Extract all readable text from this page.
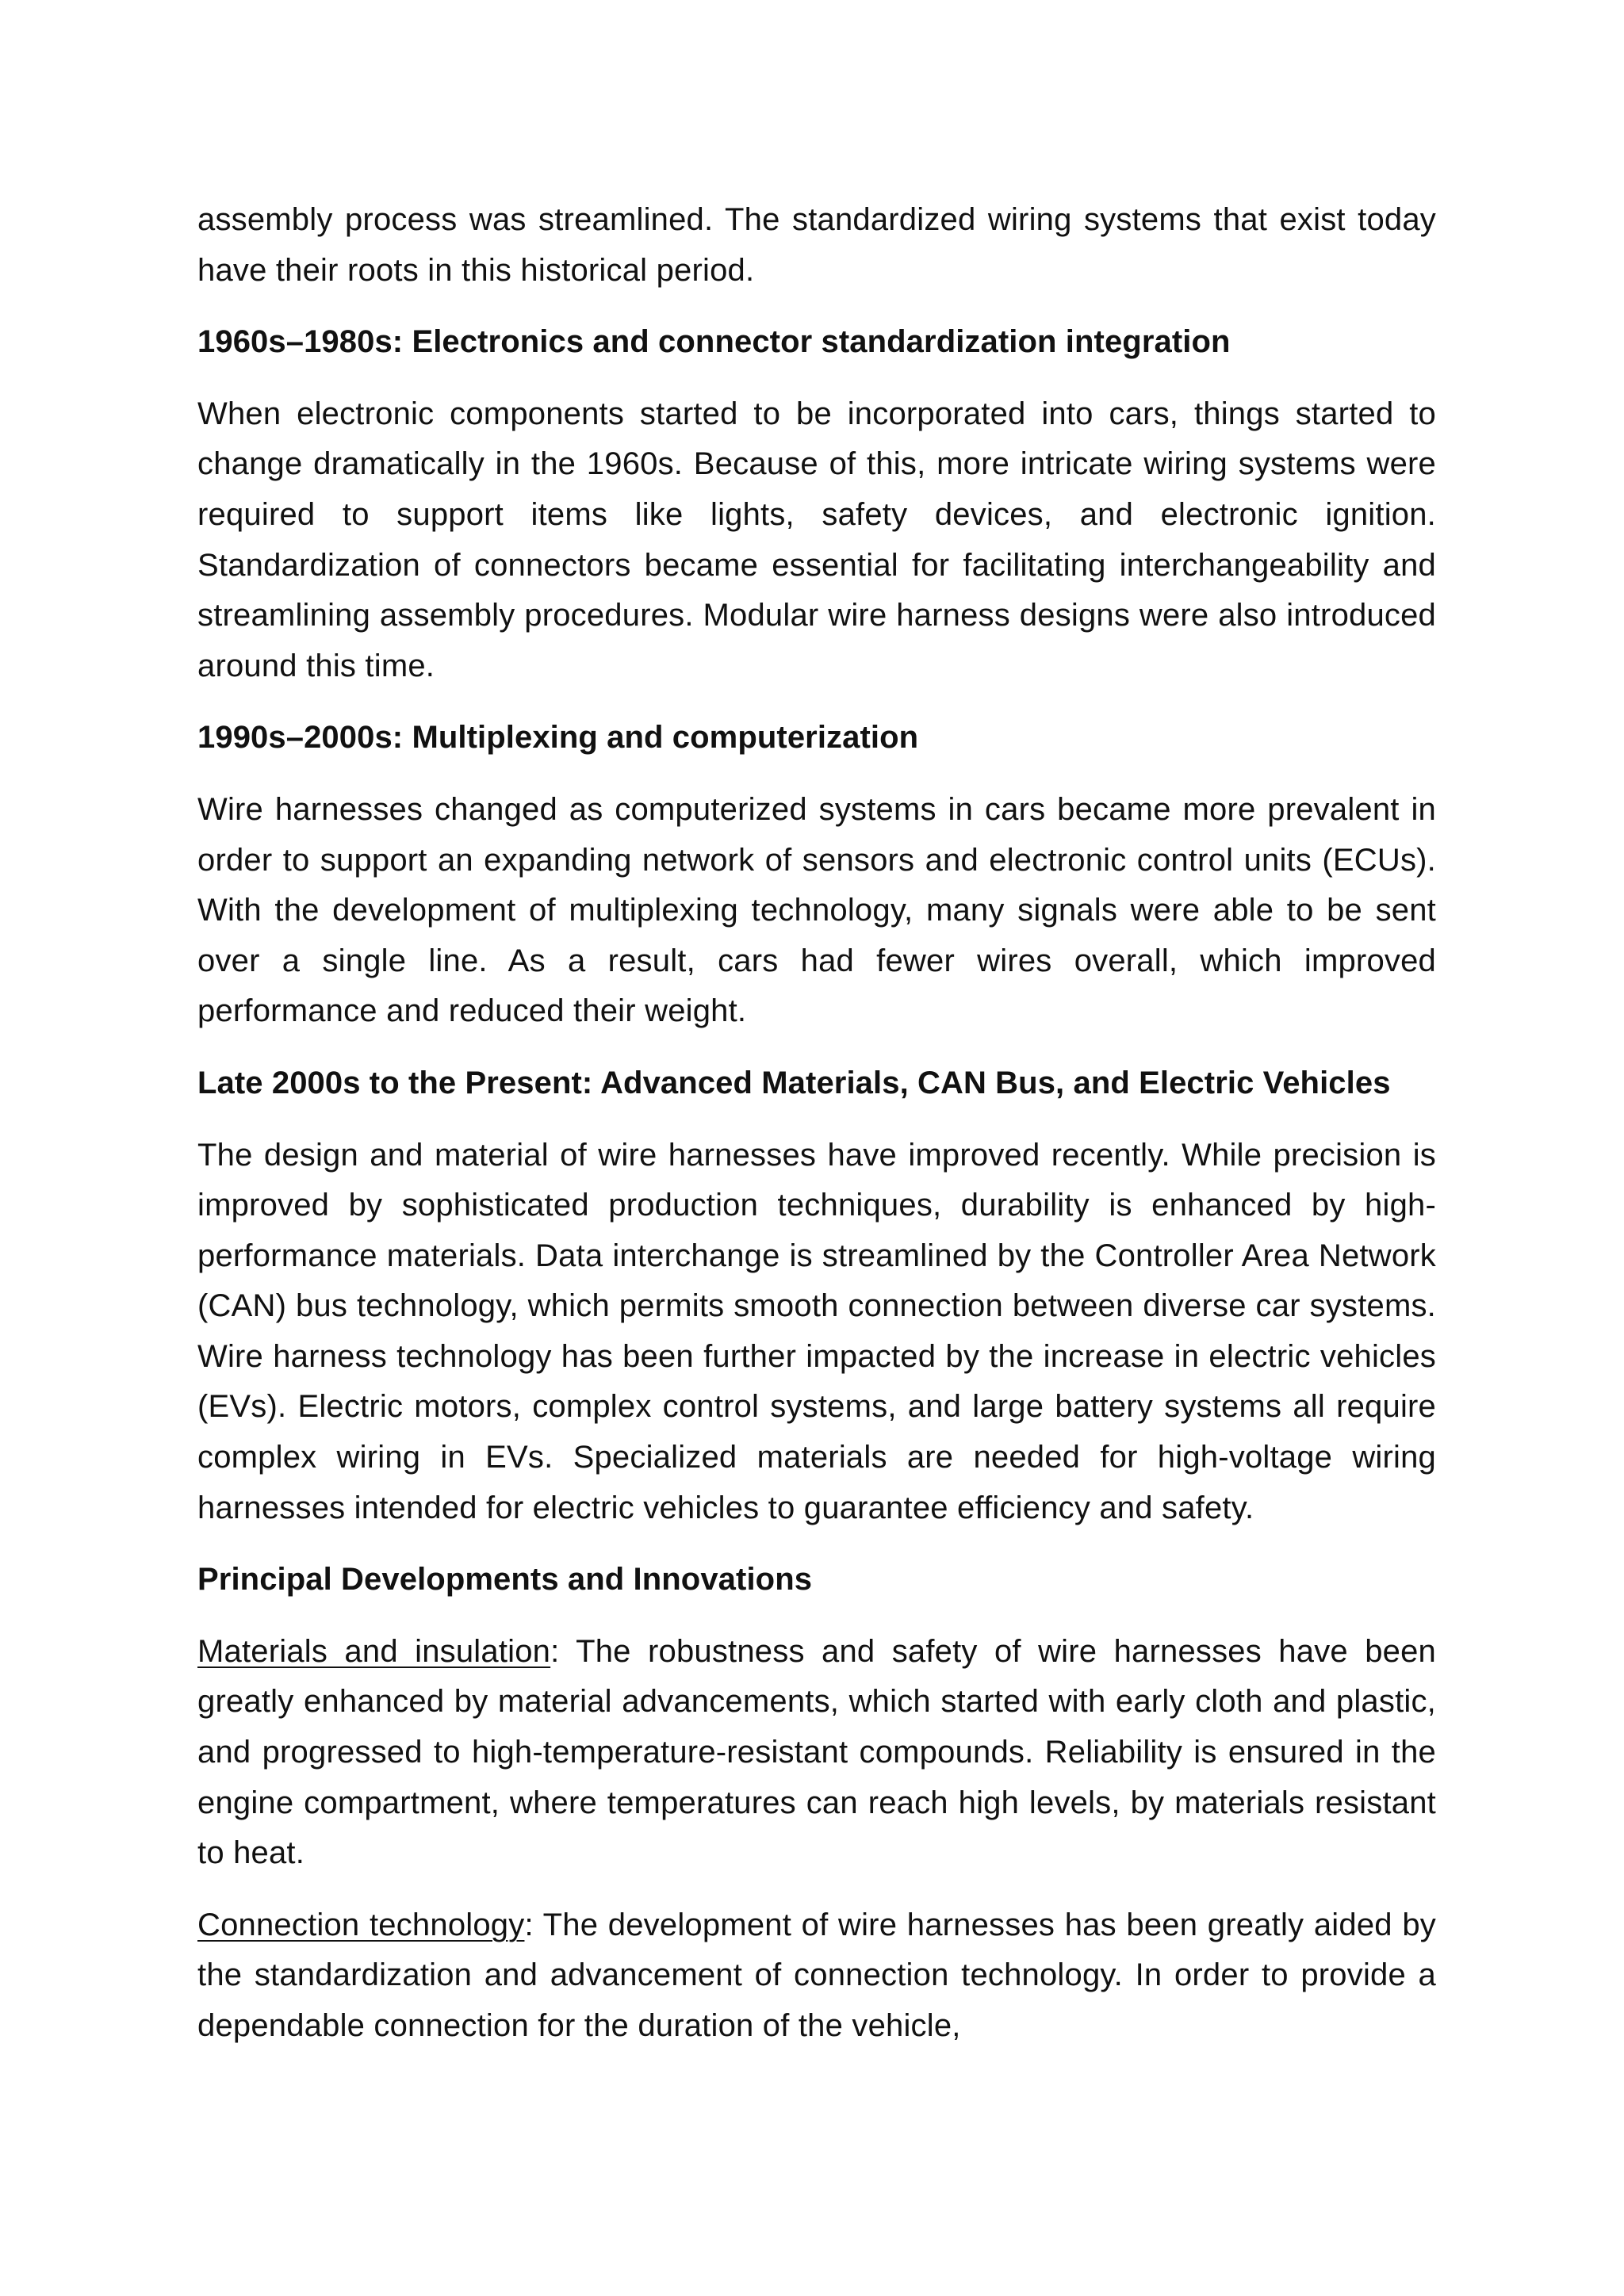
assembly process was streamlined. The standardized wiring systems that exist today have their roots in this historical period.

1960s–1980s: Electronics and connector standardization integration

When electronic components started to be incorporated into cars, things started to change dramatically in the 1960s. Because of this, more intricate wiring systems were required to support items like lights, safety devices, and electronic ignition. Standardization of connectors became essential for facilitating interchangeability and streamlining assembly procedures. Modular wire harness designs were also introduced around this time.

1990s–2000s: Multiplexing and computerization

Wire harnesses changed as computerized systems in cars became more prevalent in order to support an expanding network of sensors and electronic control units (ECUs). With the development of multiplexing technology, many signals were able to be sent over a single line. As a result, cars had fewer wires overall, which improved performance and reduced their weight.

Late 2000s to the Present: Advanced Materials, CAN Bus, and Electric Vehicles

The design and material of wire harnesses have improved recently. While precision is improved by sophisticated production techniques, durability is enhanced by high-performance materials. Data interchange is streamlined by the Controller Area Network (CAN) bus technology, which permits smooth connection between diverse car systems. Wire harness technology has been further impacted by the increase in electric vehicles (EVs). Electric motors, complex control systems, and large battery systems all require complex wiring in EVs. Specialized materials are needed for high-voltage wiring harnesses intended for electric vehicles to guarantee efficiency and safety.

Principal Developments and Innovations

Materials and insulation: The robustness and safety of wire harnesses have been greatly enhanced by material advancements, which started with early cloth and plastic, and progressed to high-temperature-resistant compounds. Reliability is ensured in the engine compartment, where temperatures can reach high levels, by materials resistant to heat.

Connection technology: The development of wire harnesses has been greatly aided by the standardization and advancement of connection technology. In order to provide a dependable connection for the duration of the vehicle,
